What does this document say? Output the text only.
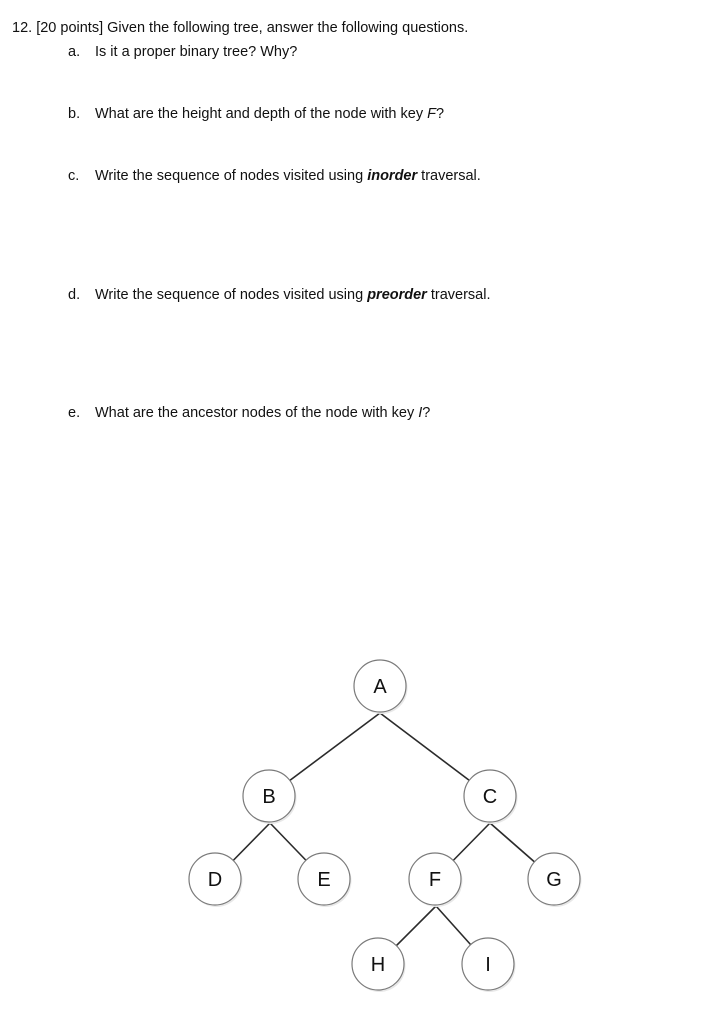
12. [20 points] Given the following tree, answer the following questions.
a. Is it a proper binary tree? Why?
b. What are the height and depth of the node with key F?
c. Write the sequence of nodes visited using inorder traversal.
d. Write the sequence of nodes visited using preorder traversal.
e. What are the ancestor nodes of the node with key I?
A
B	C
D	E	F	G
H	I
